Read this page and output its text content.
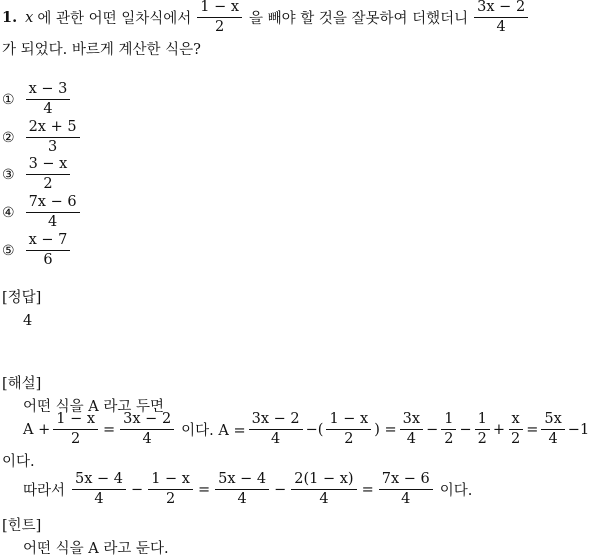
1. x 에 관한 어떤 일차식에서 $\frac{1 - x}{2}$ 을 빼야 할 것을 잘못하여 더했더니 $\frac{3x - 2}{4}$
가 되었다. 바르게 계산한 식은?
① $\frac{x - 3}{4}$
② $\frac{2x + 5}{3}$
③ $\frac{3 - x}{2}$
④ $\frac{7x - 6}{4}$
⑤ $\frac{x - 7}{6}$
[정답]
4
[해설]
어떤 식을 A 라고 두면
$A + \frac{1 - x}{2} = \frac{3x - 2}{4}$ 이다. $A = \frac{3x - 2}{4}$ −( $\frac{1 - x}{2}$ ) = $\frac{3x}{4} - \frac{1}{2} - \frac{1}{2} + \frac{x}{2} = \frac{5x}{4} -1$
이다.
따라서 $\frac{5x - 4}{4} - \frac{1 - x}{2} = \frac{5x - 4}{4} - \frac{2(1 - x)}{4} = \frac{7x - 6}{4}$ 이다.
[힌트]
어떤 식을 A 라고 둔다.
